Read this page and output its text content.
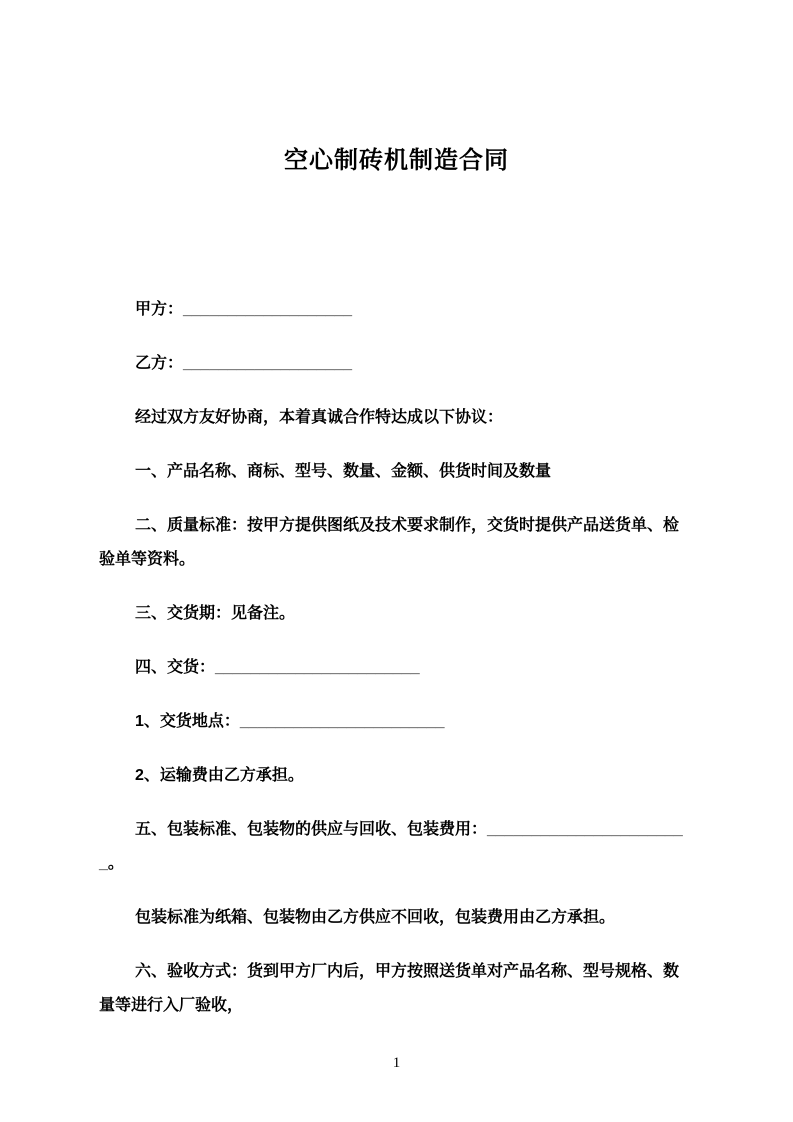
空心制砖机制造合同

甲方：___________________

乙方：___________________

经过双方友好协商，本着真诚合作特达成以下协议：

一、产品名称、商标、型号、数量、金额、供货时间及数量

二、质量标准：按甲方提供图纸及技术要求制作，交货时提供产品送货单、检验单等资料。

三、交货期：见备注。

四、交货：_______________________

1、交货地点：_______________________

2、运输费由乙方承担。

五、包装标准、包装物的供应与回收、包装费用：_______________________。

包装标准为纸箱、包装物由乙方供应不回收，包装费用由乙方承担。

六、验收方式：货到甲方厂内后，甲方按照送货单对产品名称、型号规格、数量等进行入厂验收，

1
